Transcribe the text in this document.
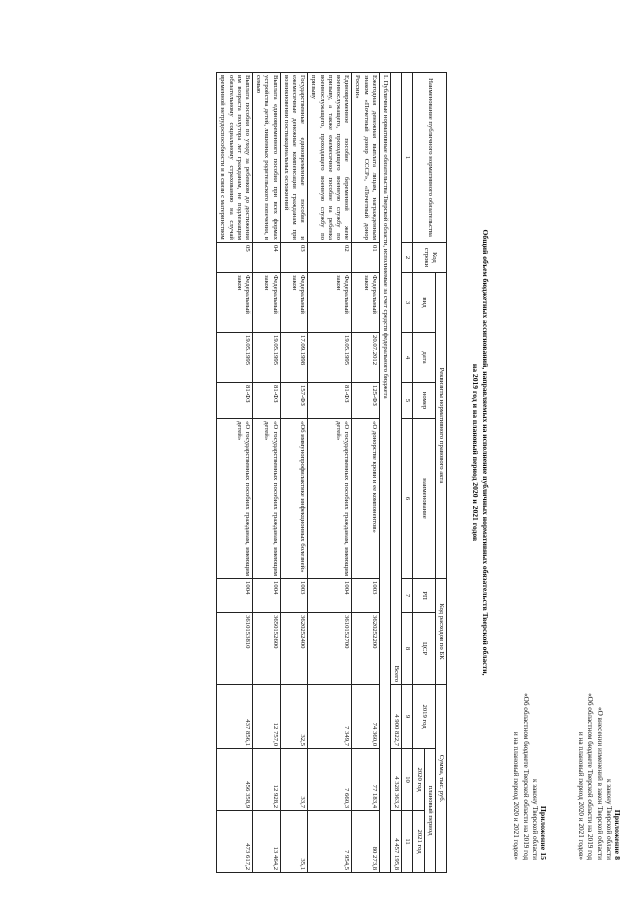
Приложение 8
к закону Тверской области
«О внесении изменений в закон Тверской области
«Об областном бюджете Тверской области на 2019 год
и на плановый период 2020 и 2021 годов»
Приложение 15
к закону Тверской области
«Об областном бюджете Тверской области на 2019 год
и на плановый период 2020 и 2021 годов»
Общий объем бюджетных ассигнований, направляемых на исполнение публичных нормативных обязательств Тверской области,
на 2019 год и на плановый период 2020 и 2021 годов
Наименование публичного нормативного обязательства	Код строки	Реквизиты нормативного правового акта				Код расходов по БК		Сумма, тыс. руб.		
		вид	дата	номер	наименование	РП	ЦСР	2019 год	плановый период	
									2020 год	2021 год
1	2	3	4	5	6	7	8	9	10	11
Всего								4 900 822,7	4 328 363,2	4 457 195,8
I. Публичные нормативные обязательства Тверской области, исполняемые за счет средств федерального бюджета										
Ежегодная денежная выплата лицам, награжденным знаком «Почетный донор СССР», «Почетный донор России»	01	Федеральный закон	20.07.2012	125-ФЗ	«О донорстве крови и ее компонентов»	1003	3620252200	74 360,0	77 183,4	80 273,8
Единовременное пособие беременной жене военнослужащего, проходящего военную службу по призыву, а также ежемесячное пособие на ребенка военнослужащего, проходящего военную службу по призыву	02	Федеральный закон	19.05.1995	81-ФЗ	«О государственных пособиях гражданам, имеющим детей»	1004	3610152700	7 349,7	7 660,3	7 954,5
Государственные единовременные пособия и ежемесячные денежные компенсации гражданам при возникновении поствакцинальных осложнений	03	Федеральный закон	17.09.1998	157-ФЗ	«Об иммунопрофилактике инфекционных болезней»	1003	3620252400	32,5	33,7	35,1
Выплата единовременного пособия при всех формах устройства детей, лишенных родительского попечения, в семью	04	Федеральный закон	19.05.1995	81-ФЗ	«О государственных пособиях гражданам, имеющим детей»	1004	3650152600	12 757,0	12 928,2	13 464,2
Выплата пособия по уходу за ребенком до достижения им возраста полутора лет гражданам, не подлежащим обязательному социальному страхованию на случай временной нетрудоспособности и в связи с материнством	05	Федеральный закон	19.05.1995	81-ФЗ	«О государственных пособиях гражданам, имеющим детей»	1004	3610153810	437 856,1	456 358,9	473 617,2
